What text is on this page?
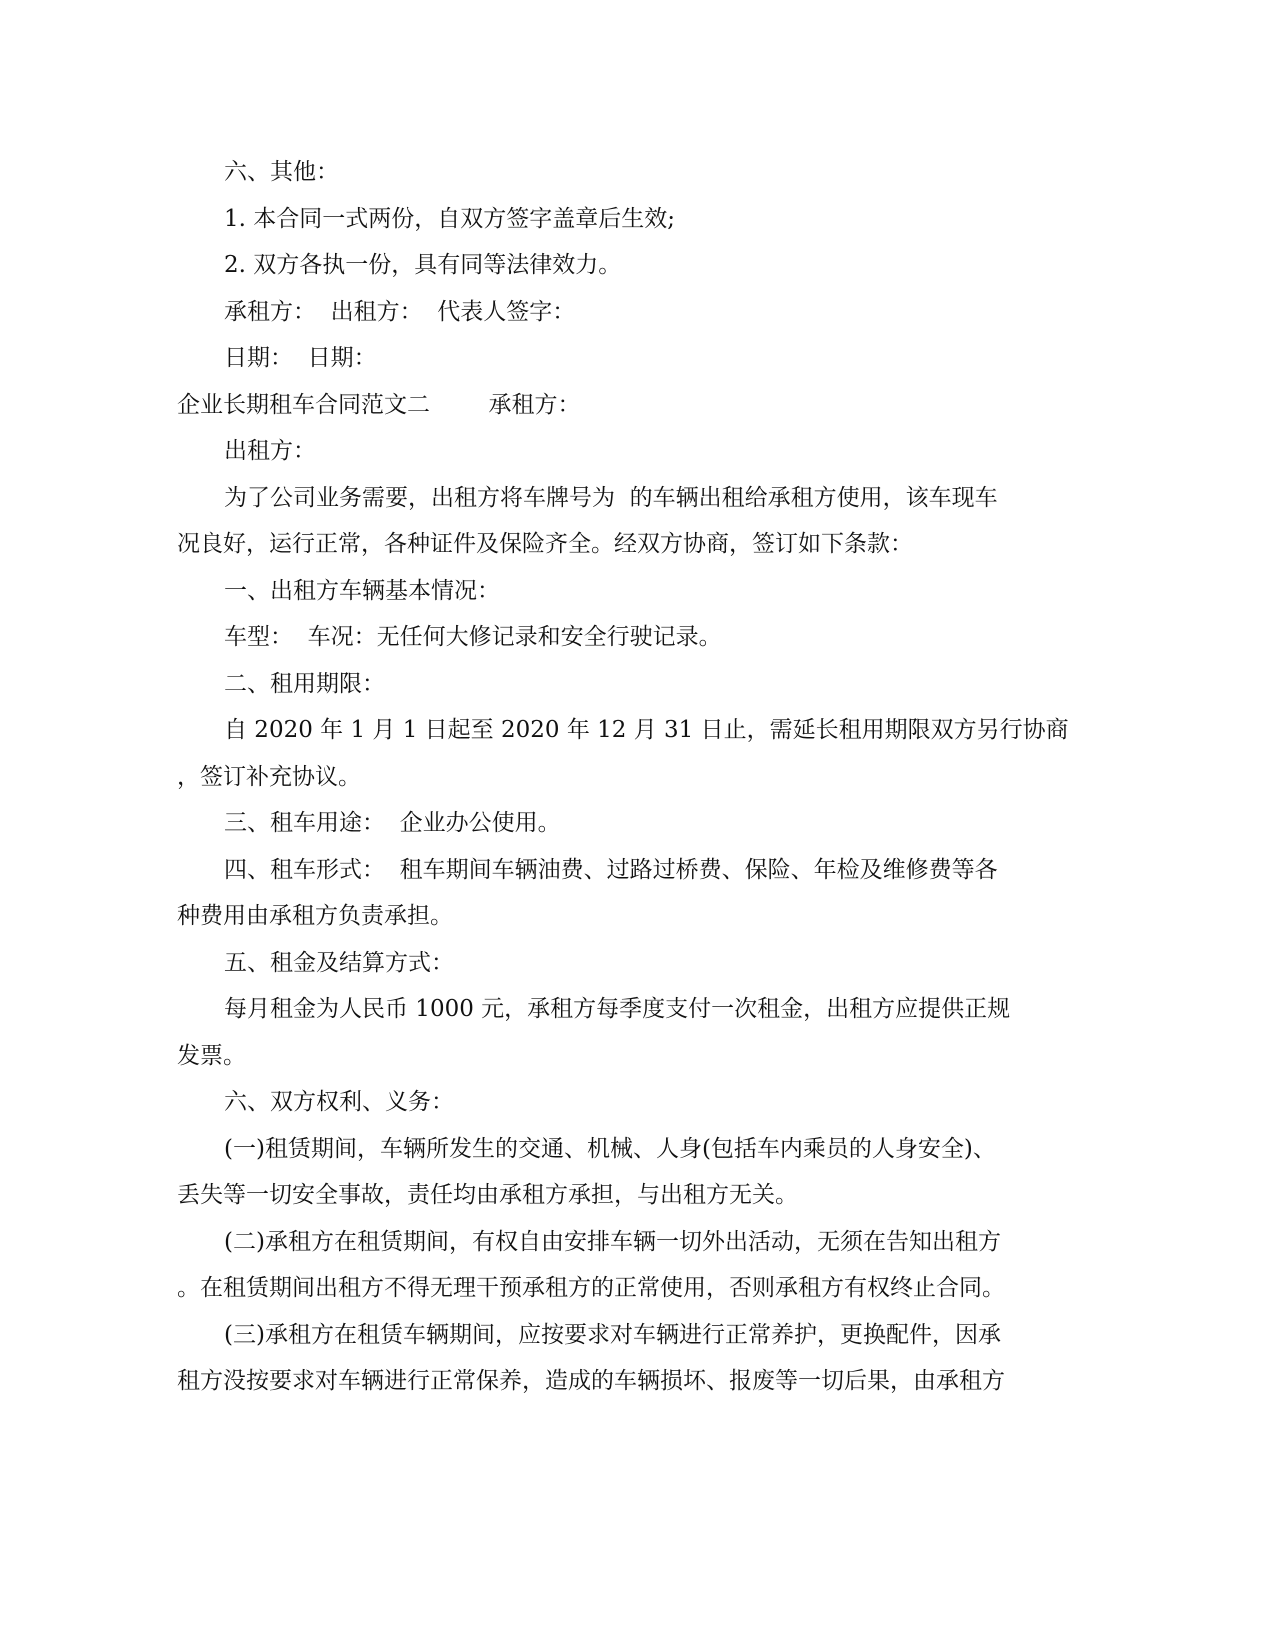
六、其他：
1. 本合同一式两份，自双方签字盖章后生效;
2. 双方各执一份，具有同等法律效力。
承租方：  出租方：  代表人签字：
日期：  日期：
企业长期租车合同范文二        承租方：
出租方：
为了公司业务需要，出租方将车牌号为  的车辆出租给承租方使用，该车现车
况良好，运行正常，各种证件及保险齐全。经双方协商，签订如下条款：
一、出租方车辆基本情况：
车型：  车况：无任何大修记录和安全行驶记录。
二、租用期限：
自 2020 年 1 月 1 日起至 2020 年 12 月 31 日止，需延长租用期限双方另行协商
，签订补充协议。
三、租车用途：  企业办公使用。
四、租车形式：  租车期间车辆油费、过路过桥费、保险、年检及维修费等各
种费用由承租方负责承担。
五、租金及结算方式：
每月租金为人民币 1000 元，承租方每季度支付一次租金，出租方应提供正规
发票。
六、双方权利、义务：
(一)租赁期间，车辆所发生的交通、机械、人身(包括车内乘员的人身安全)、
丢失等一切安全事故，责任均由承租方承担，与出租方无关。
(二)承租方在租赁期间，有权自由安排车辆一切外出活动，无须在告知出租方
。在租赁期间出租方不得无理干预承租方的正常使用，否则承租方有权终止合同。
(三)承租方在租赁车辆期间，应按要求对车辆进行正常养护，更换配件，因承
租方没按要求对车辆进行正常保养，造成的车辆损坏、报废等一切后果，由承租方
